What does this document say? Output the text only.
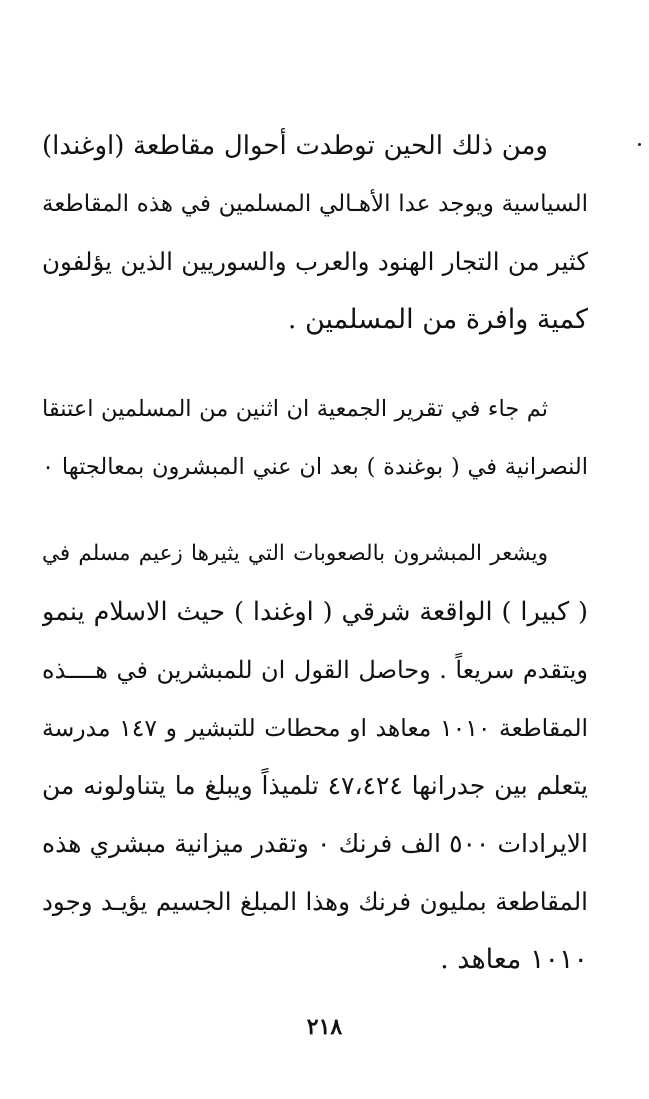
ومن ذلك الحين توطدت أحوال مقاطعة (اوغندا)
السياسية ويوجد عدا الأهـالي المسلمين في هذه المقاطعة
كثير من التجار الهنود والعرب والسوريين الذين يؤلفون
كمية وافرة من المسلمين .
ثم جاء في تقرير الجمعية ان اثنين من المسلمين اعتنقا
النصرانية في ( بوغندة ) بعد ان عني المبشرون بمعالجتها ٠
ويشعر المبشرون بالصعوبات التي يثيرها زعيم مسلم في
( كبيرا ) الواقعة شرقي ( اوغندا ) حيث الاسلام ينمو
ويتقدم سريعاً . وحاصل القول ان للمبشرين في هــــذه
المقاطعة ١٠١٠ معاهد او محطات للتبشير و ١٤٧ مدرسة
يتعلم بين جدرانها ٤٧،٤٢٤ تلميذاً ويبلغ ما يتناولونه من
الايرادات ٥٠٠ الف فرنك ٠ وتقدر ميزانية مبشري هذه
المقاطعة بمليون فرنك وهذا المبلغ الجسيم يؤيـد وجود
١٠١٠ معاهد .
٢١٨
